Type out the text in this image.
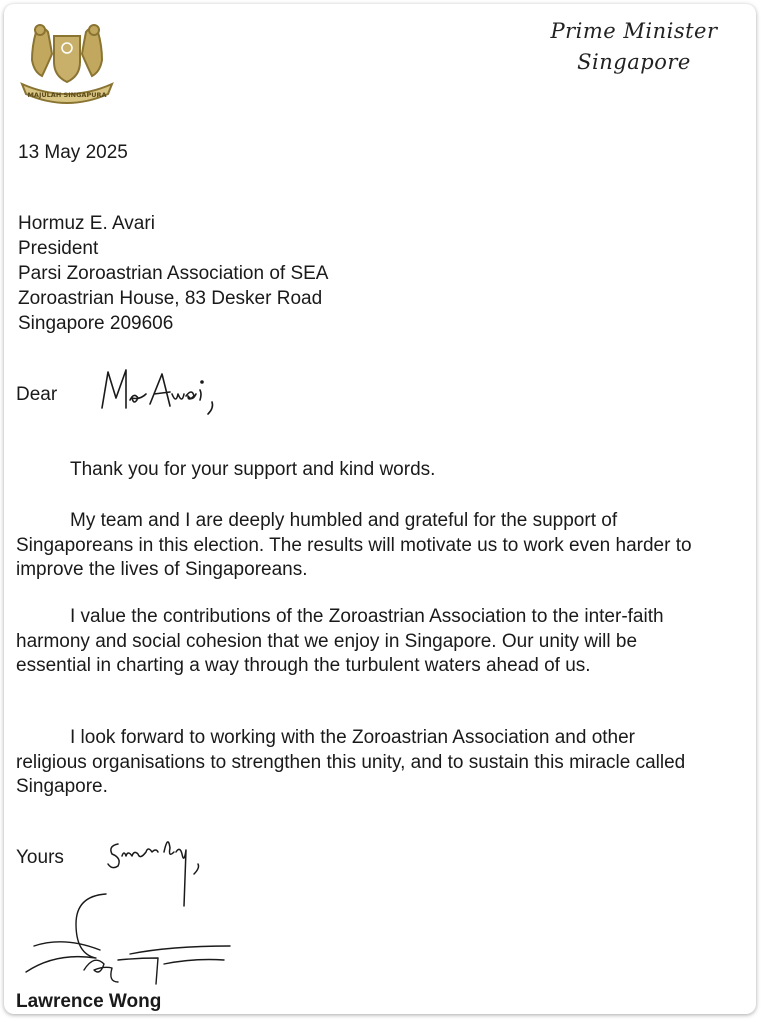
MAJULAH SINGAPURA
Prime Minister
Singapore
13 May 2025
Hormuz E. Avari
President
Parsi Zoroastrian Association of SEA
Zoroastrian House, 83 Desker Road
Singapore 209606
Dear
Mr Avari,
Thank you for your support and kind words.
My team and I are deeply humbled and grateful for the support of Singaporeans in this election. The results will motivate us to work even harder to improve the lives of Singaporeans.
I value the contributions of the Zoroastrian Association to the inter-faith harmony and social cohesion that we enjoy in Singapore. Our unity will be essential in charting a way through the turbulent waters ahead of us.
I look forward to working with the Zoroastrian Association and other religious organisations to strengthen this unity, and to sustain this miracle called Singapore.
Yours
Sincerely,
Lawrence Wong
